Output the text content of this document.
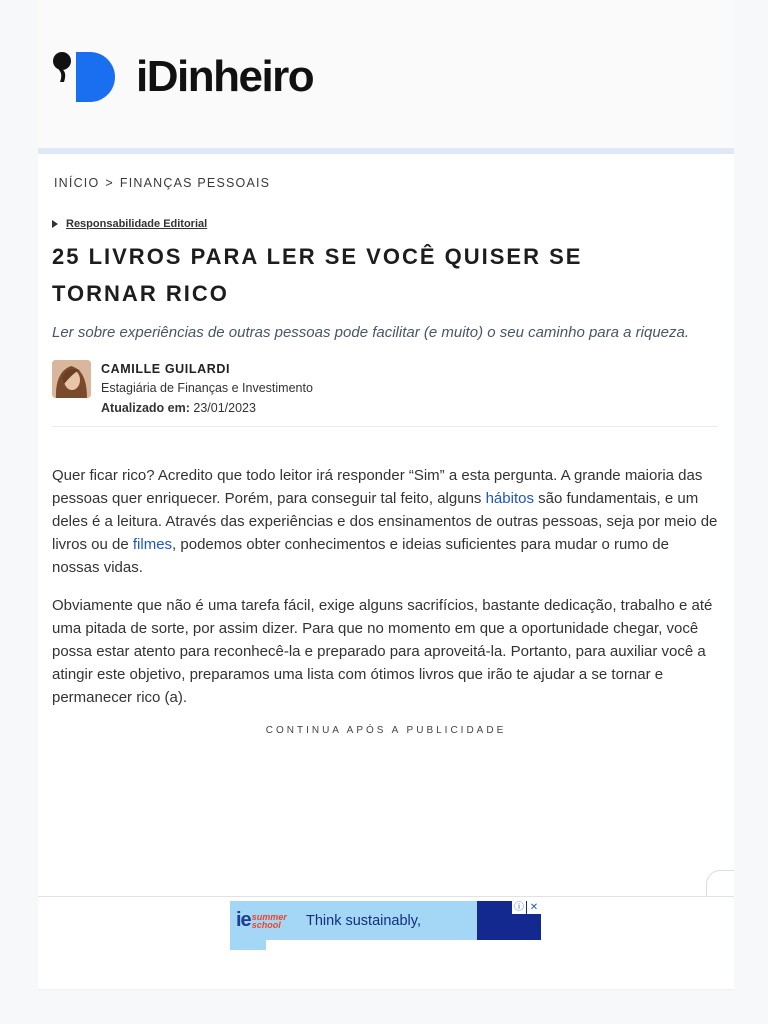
iDinheiro
INÍCIO > FINANÇAS PESSOAIS
Responsabilidade Editorial
25 LIVROS PARA LER SE VOCÊ QUISER SE TORNAR RICO

Ler sobre experiências de outras pessoas pode facilitar (e muito) o seu caminho para a riqueza.

CAMILLE GUILARDI
Estagiária de Finanças e Investimento
Atualizado em: 23/01/2023

Quer ficar rico? Acredito que todo leitor irá responder “Sim” a esta pergunta. A grande maioria das pessoas quer enriquecer. Porém, para conseguir tal feito, alguns hábitos são fundamentais, e um deles é a leitura. Através das experiências e dos ensinamentos de outras pessoas, seja por meio de livros ou de filmes, podemos obter conhecimentos e ideias suficientes para mudar o rumo de nossas vidas.

Obviamente que não é uma tarefa fácil, exige alguns sacrifícios, bastante dedicação, trabalho e até uma pitada de sorte, por assim dizer. Para que no momento em que a oportunidade chegar, você possa estar atento para reconhecê-la e preparado para aproveitá-la. Portanto, para auxiliar você a atingir este objetivo, preparamos uma lista com ótimos livros que irão te ajudar a se tornar e permanecer rico (a).

CONTINUA APÓS A PUBLICIDADE
ie summer
school	Think sustainably,
ⓘ ✕
